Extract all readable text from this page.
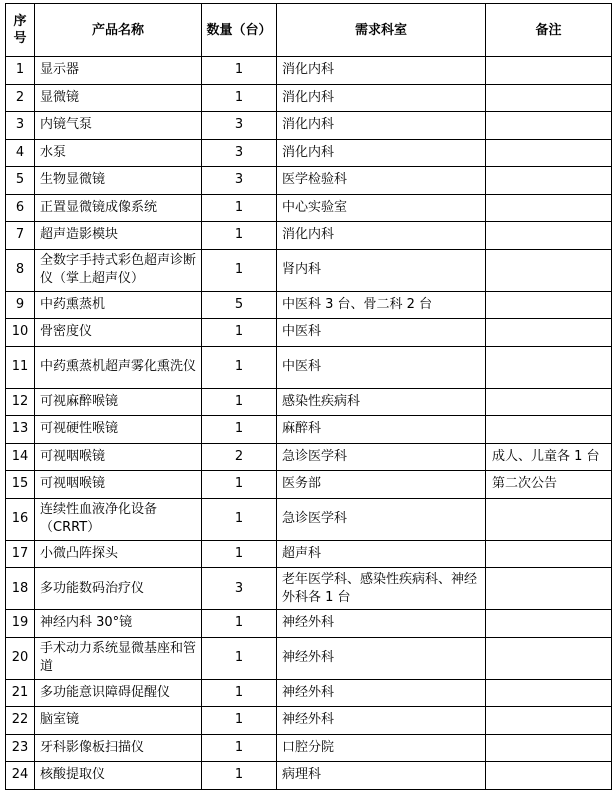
序号	产品名称	数量（台）	需求科室	备注
1	显示器	1	消化内科	
2	显微镜	1	消化内科	
3	内镜气泵	3	消化内科	
4	水泵	3	消化内科	
5	生物显微镜	3	医学检验科	
6	正置显微镜成像系统	1	中心实验室	
7	超声造影模块	1	消化内科	
8	全数字手持式彩色超声诊断仪（掌上超声仪）	1	肾内科	
9	中药熏蒸机	5	中医科 3 台、骨二科 2 台	
10	骨密度仪	1	中医科	
11	中药熏蒸机超声雾化熏洗仪	1	中医科	
12	可视麻醉喉镜	1	感染性疾病科	
13	可视硬性喉镜	1	麻醉科	
14	可视咽喉镜	2	急诊医学科	成人、儿童各 1 台
15	可视咽喉镜	1	医务部	第二次公告
16	连续性血液净化设备（CRRT）	1	急诊医学科	
17	小微凸阵探头	1	超声科	
18	多功能数码治疗仪	3	老年医学科、感染性疾病科、神经外科各 1 台	
19	神经内科 30°镜	1	神经外科	
20	手术动力系统显微基座和管道	1	神经外科	
21	多功能意识障碍促醒仪	1	神经外科	
22	脑室镜	1	神经外科	
23	牙科影像板扫描仪	1	口腔分院	
24	核酸提取仪	1	病理科	
